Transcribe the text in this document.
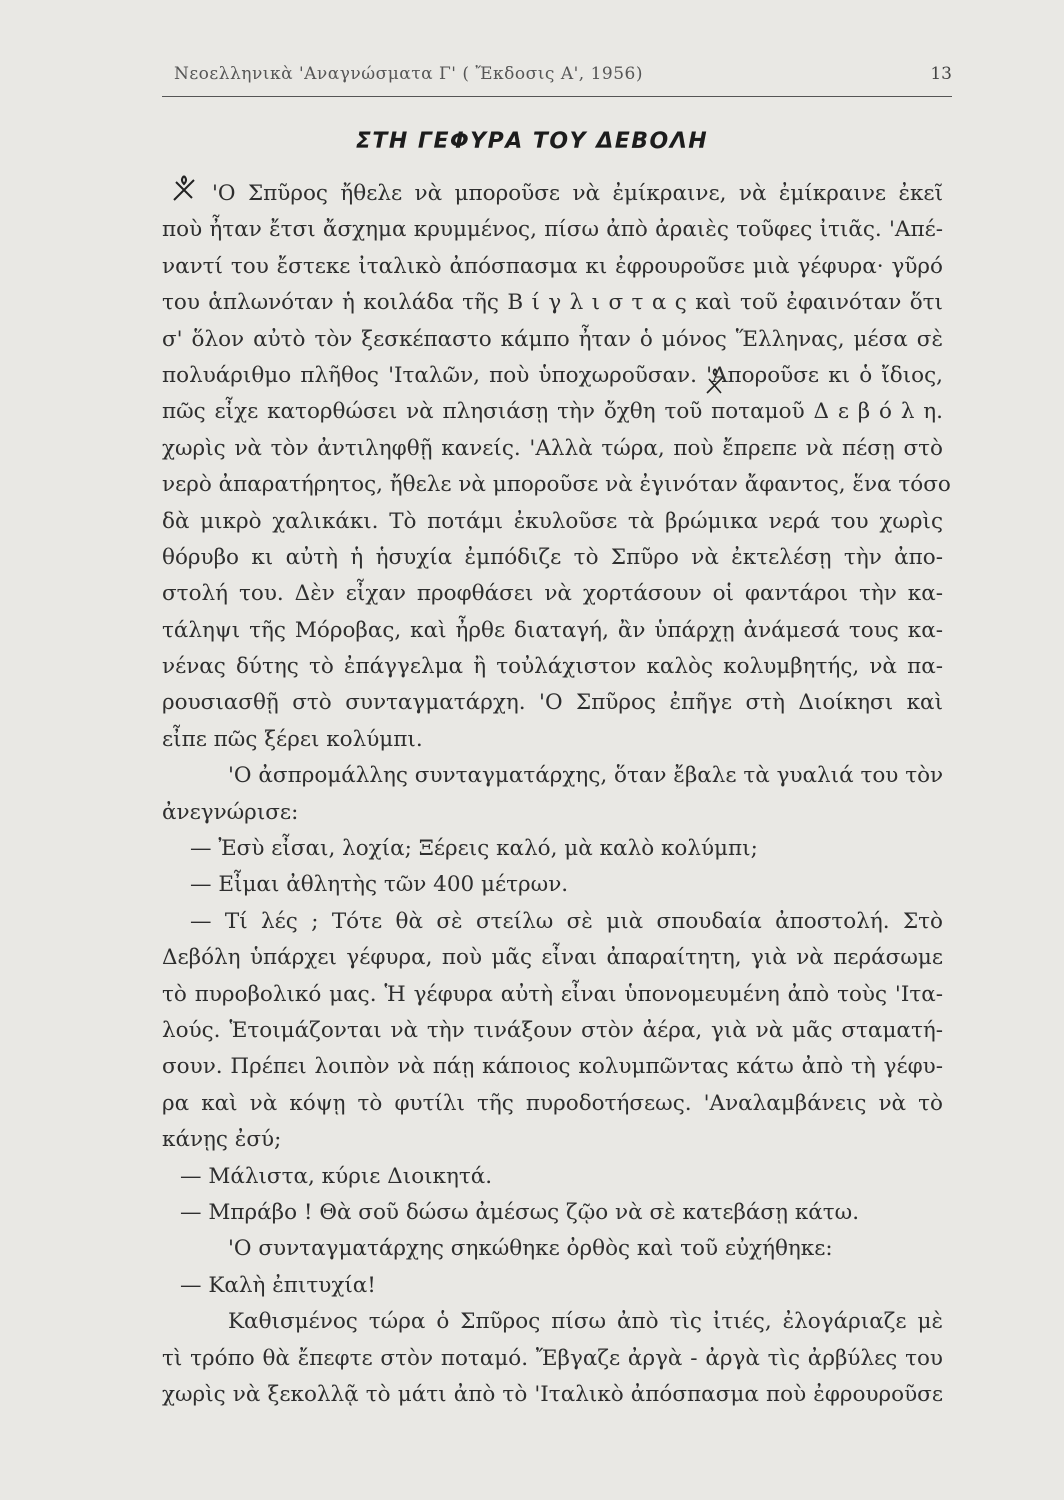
Νεοελληνικὰ 'Αναγνώσματα Γ' ( Ἔκδοσις Α', 1956)	13
ΣΤΗ ΓΕΦΥΡΑ ΤΟΥ ΔΕΒΟΛΗ

'Ο Σπῦρος ἤθελε νὰ μποροῦσε νὰ ἐμίκραινε, νὰ ἐμίκραινε ἐκεῖ
ποὺ ἦταν ἔτσι ἄσχημα κρυμμένος, πίσω ἀπὸ ἀραιὲς τοῦφες ἰτιᾶς. 'Απέ-
ναντί του ἔστεκε ἰταλικὸ ἀπόσπασμα κι ἐφρουροῦσε μιὰ γέφυρα· γῦρό
του ἁπλωνόταν ἡ κοιλάδα τῆς Β ί γ λ ι σ τ α ς καὶ τοῦ ἐφαινόταν ὅτι
σ' ὅλον αὐτὸ τὸν ξεσκέπαστο κάμπο ἦταν ὁ μόνος Ἕλληνας, μέσα σὲ
πολυάριθμο πλῆθος 'Ιταλῶν, ποὺ ὑποχωροῦσαν. 'Απορoῦσε κι ὁ ἴδιος,
πῶς εἶχε κατορθώσει νὰ πλησιάσῃ τὴν ὄχθη τοῦ ποταμοῦ Δ ε β ό λ η.
χωρὶς νὰ τὸν ἀντιληφθῇ κανείς. 'Αλλὰ τώρα, ποὺ ἔπρεπε νὰ πέσῃ στὸ
νερὸ ἀπαρατήρητος, ἤθελε νὰ μποροῦσε νὰ ἐγινόταν ἄφαντος, ἕνα τόσο
δὰ μικρὸ χαλικάκι. Τὸ ποτάμι ἐκυλοῦσε τὰ βρώμικα νερά του χωρὶς
θόρυβο κι αὐτὴ ἡ ἡσυχία ἐμπόδιζε τὸ Σπῦρο νὰ ἐκτελέσῃ τὴν ἀπο-
στολή του. Δὲν εἶχαν προφθάσει νὰ χορτάσουν οἱ φαντάροι τὴν κα-
τάληψι τῆς Μόροβας, καὶ ἦρθε διαταγή, ἂν ὑπάρχῃ ἀνάμεσά τους κα-
νένας δύτης τὸ ἐπάγγελμα ἢ τοὐλάχιστον καλὸς κολυμβητής, νὰ πα-
ρουσιασθῇ στὸ συνταγματάρχη. 'Ο Σπῦρος ἐπῆγε στὴ Διοίκησι καὶ
εἶπε πῶς ξέρει κολύμπι.

'Ο ἀσπρομάλλης συνταγματάρχης, ὅταν ἔβαλε τὰ γυαλιά του τὸν
ἀνεγνώρισε:

— Ἐσὺ εἶσαι, λοχία; Ξέρεις καλό, μὰ καλὸ κολύμπι;

— Εἶμαι ἀθλητὴς τῶν 400 μέτρων.

— Τί λές ; Τότε θὰ σὲ στείλω σὲ μιὰ σπουδαία ἀποστολή. Στὸ
Δεβόλη ὑπάρχει γέφυρα, ποὺ μᾶς εἶναι ἀπαραίτητη, γιὰ νὰ περάσωμε
τὸ πυροβολικό μας. Ἡ γέφυρα αὐτὴ εἶναι ὑπονομευμένη ἀπὸ τοὺς 'Ιτα-
λούς. Ἑτοιμάζονται νὰ τὴν τινάξουν στὸν ἀέρα, γιὰ νὰ μᾶς σταματή-
σουν. Πρέπει λοιπὸν νὰ πάῃ κάποιος κολυμπῶντας κάτω ἀπὸ τὴ γέφυ-
ρα καὶ νὰ κόψῃ τὸ φυτίλι τῆς πυροδοτήσεως. 'Αναλαμβάνεις νὰ τὸ
κάνῃς ἐσύ;

— Μάλιστα, κύριε Διοικητά.

— Μπράβο ! Θὰ σοῦ δώσω ἀμέσως ζῷο νὰ σὲ κατεβάσῃ κάτω.

'Ο συνταγματάρχης σηκώθηκε ὀρθὸς καὶ τοῦ εὐχήθηκε:

— Καλὴ ἐπιτυχία!

Καθισμένος τώρα ὁ Σπῦρος πίσω ἀπὸ τὶς ἰτιές, ἐλογάριαζε μὲ
τὶ τρόπο θὰ ἔπεφτε στὸν ποταμό. Ἔβγαζε ἀργὰ - ἀργὰ τὶς ἀρβύλες του
χωρὶς νὰ ξεκολλᾷ τὸ μάτι ἀπὸ τὸ 'Ιταλικὸ ἀπόσπασμα ποὺ ἐφρουροῦσε
